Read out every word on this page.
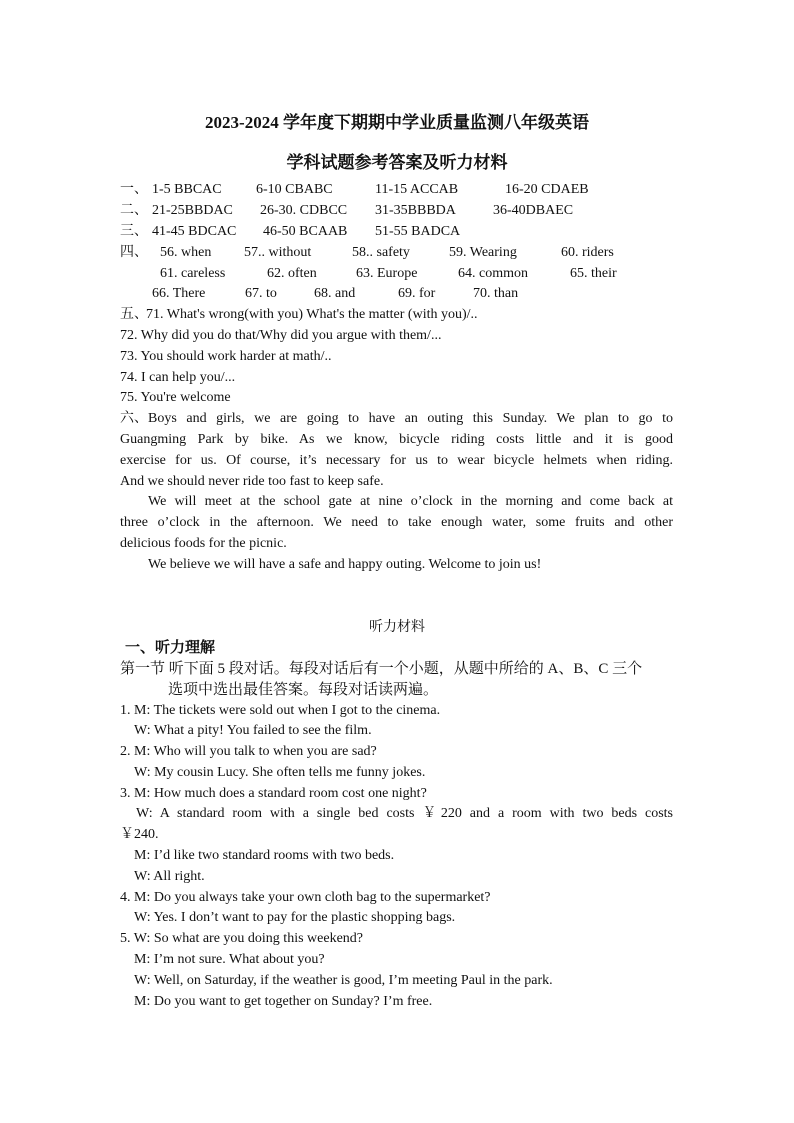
2023-2024 学年度下期期中学业质量监测八年级英语
学科试题参考答案及听力材料
一、 1-5 BBCAC 6-10 CBABC	11-15 ACCAB	16-20 CDAEB
二、 21-25BBDAC 26-30. CDBCC 31-35BBBDA	36-40DBAEC
三、 41-45 BDCAC 46-50 BCAAB 51-55 BADCA
四、 56. when 57.. without	58.. safety	59. Wearing	60. riders
61. careless	62. often	63. Europe	64. common	65. their
66. There	67. to	68. and	69. for	70. than
五、
71. What's wrong(with you) What's the matter (with you)/..
72. Why did you do that/Why did you argue with them/...
73. You should work harder at math/..
74. I can help you/...
75. You're welcome
六、 Boys and girls, we are going to have an outing this Sunday. We plan to go to
Guangming Park by bike. As we know, bicycle riding costs little and it is good
exercise for us. Of course, it’s necessary for us to wear bicycle helmets when riding.
And we should never ride too fast to keep safe.
We will meet at the school gate at nine o’clock in the morning and come back at
three o’clock in the afternoon. We need to take enough water, some fruits and other
delicious foods for the picnic.
We believe we will have a safe and happy outing. Welcome to join us!
听力材料
一、听力理解
第一节 听下面 5 段对话。每段对话后有一个小题，从题中所给的 A、B、C 三个
选项中选出最佳答案。每段对话读两遍。
1. M: The tickets were sold out when I got to the cinema.
W: What a pity! You failed to see the film.
2. M: Who will you talk to when you are sad?
W: My cousin Lucy. She often tells me funny jokes.
3. M: How much does a standard room cost one night?
W: A standard room with a single bed costs ￥220 and a room with two beds costs
￥240.
M: I’d like two standard rooms with two beds.
W: All right.
4. M: Do you always take your own cloth bag to the supermarket?
W: Yes. I don’t want to pay for the plastic shopping bags.
5. W: So what are you doing this weekend?
M: I’m not sure. What about you?
W: Well, on Saturday, if the weather is good, I’m meeting Paul in the park.
M: Do you want to get together on Sunday? I’m free.
